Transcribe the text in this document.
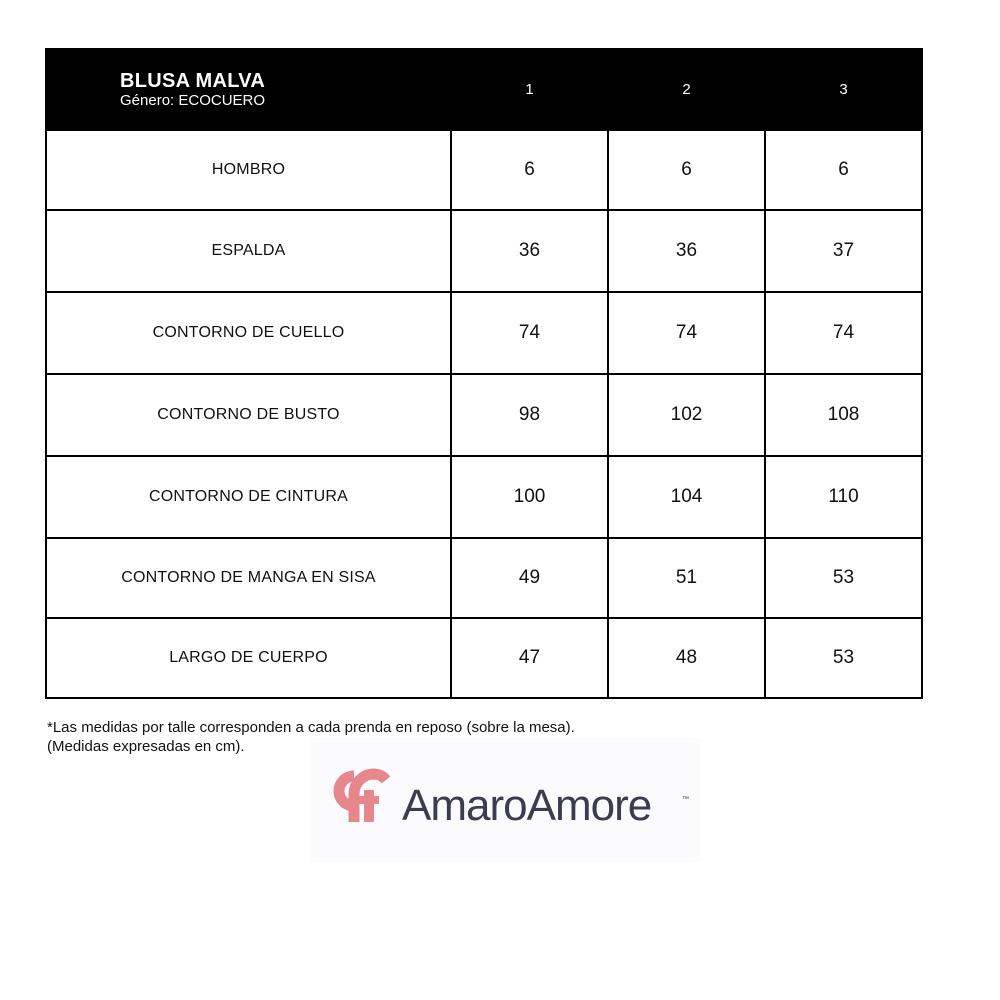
BLUSA MALVA
Género: ECOCUERO	1	2	3
HOMBRO	6	6	6
ESPALDA	36	36	37
CONTORNO DE CUELLO	74	74	74
CONTORNO DE BUSTO	98	102	108
CONTORNO DE CINTURA	100	104	110
CONTORNO DE MANGA EN SISA	49	51	53
LARGO DE CUERPO	47	48	53
*Las medidas por talle corresponden a cada prenda en reposo (sobre la mesa).
(Medidas expresadas en cm).
AmaroAmore	™
